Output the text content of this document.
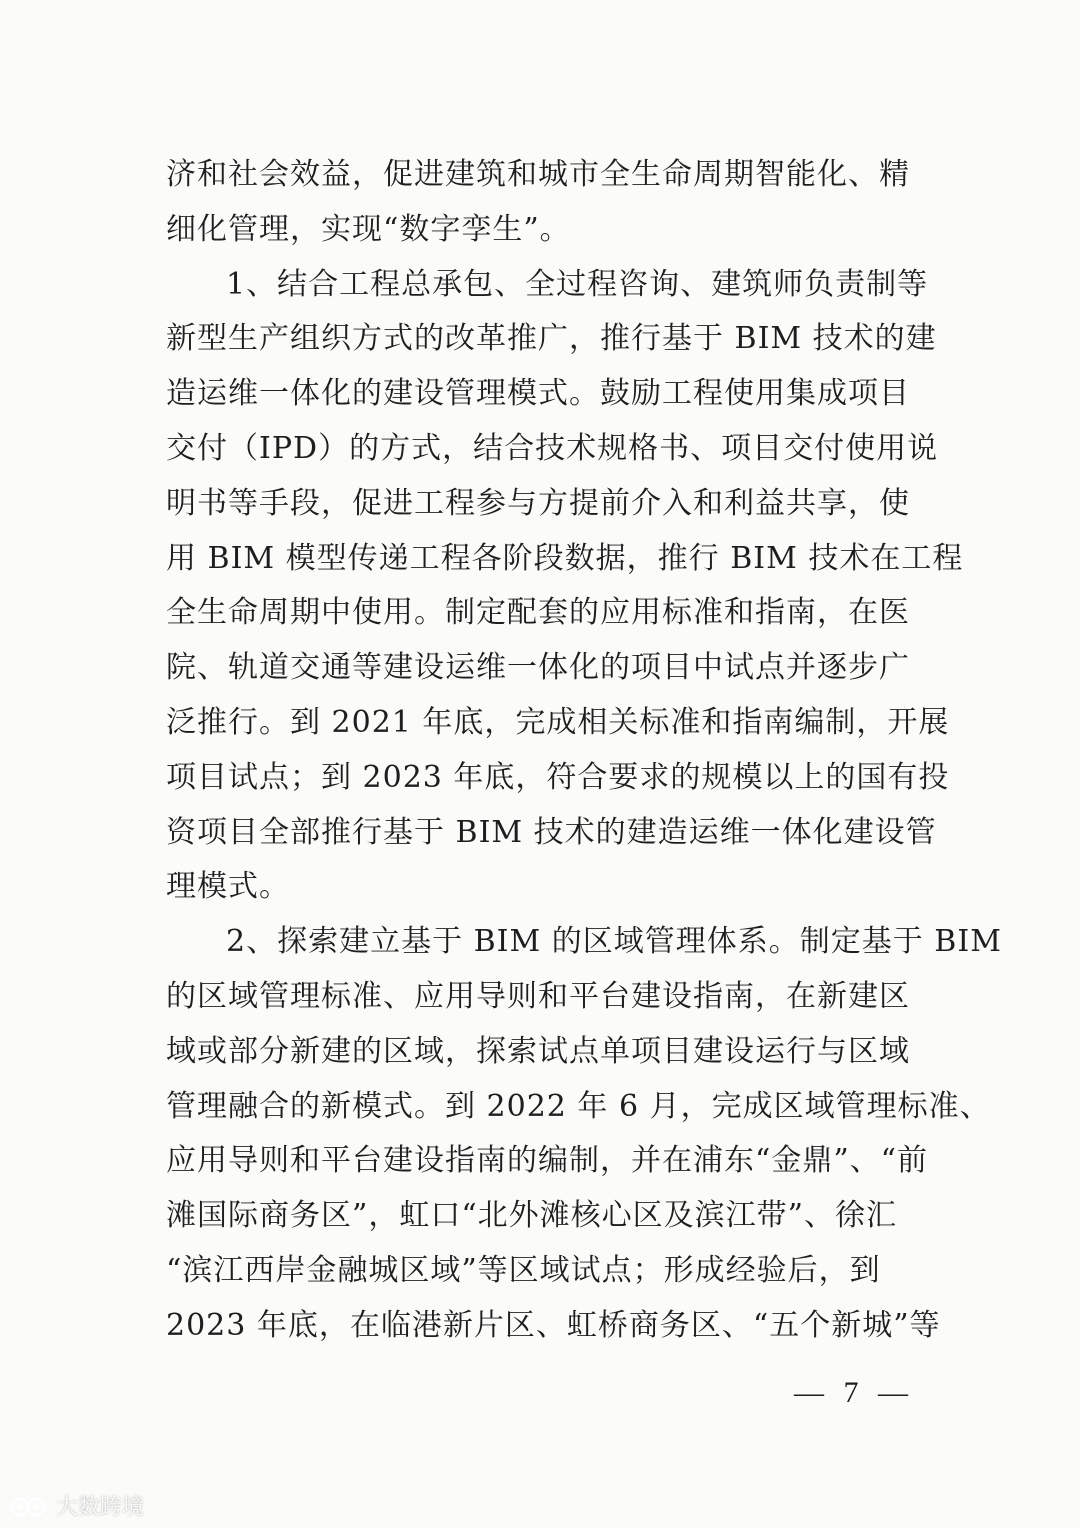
济和社会效益，促进建筑和城市全生命周期智能化、精
细化管理，实现“数字孪生”。
1、结合工程总承包、全过程咨询、建筑师负责制等
新型生产组织方式的改革推广，推行基于 BIM 技术的建
造运维一体化的建设管理模式。鼓励工程使用集成项目
交付（IPD）的方式，结合技术规格书、项目交付使用说
明书等手段，促进工程参与方提前介入和利益共享，使
用 BIM 模型传递工程各阶段数据，推行 BIM 技术在工程
全生命周期中使用。制定配套的应用标准和指南，在医
院、轨道交通等建设运维一体化的项目中试点并逐步广
泛推行。到 2021 年底，完成相关标准和指南编制，开展
项目试点；到 2023 年底，符合要求的规模以上的国有投
资项目全部推行基于 BIM 技术的建造运维一体化建设管
理模式。
2、探索建立基于 BIM 的区域管理体系。制定基于 BIM
的区域管理标准、应用导则和平台建设指南，在新建区
域或部分新建的区域，探索试点单项目建设运行与区域
管理融合的新模式。到 2022 年 6 月，完成区域管理标准、
应用导则和平台建设指南的编制，并在浦东“金鼎”、“前
滩国际商务区”，虹口“北外滩核心区及滨江带”、徐汇
“滨江西岸金融城区域”等区域试点；形成经验后，到
2023 年底，在临港新片区、虹桥商务区、“五个新城”等
— 7 —
大数跨境
